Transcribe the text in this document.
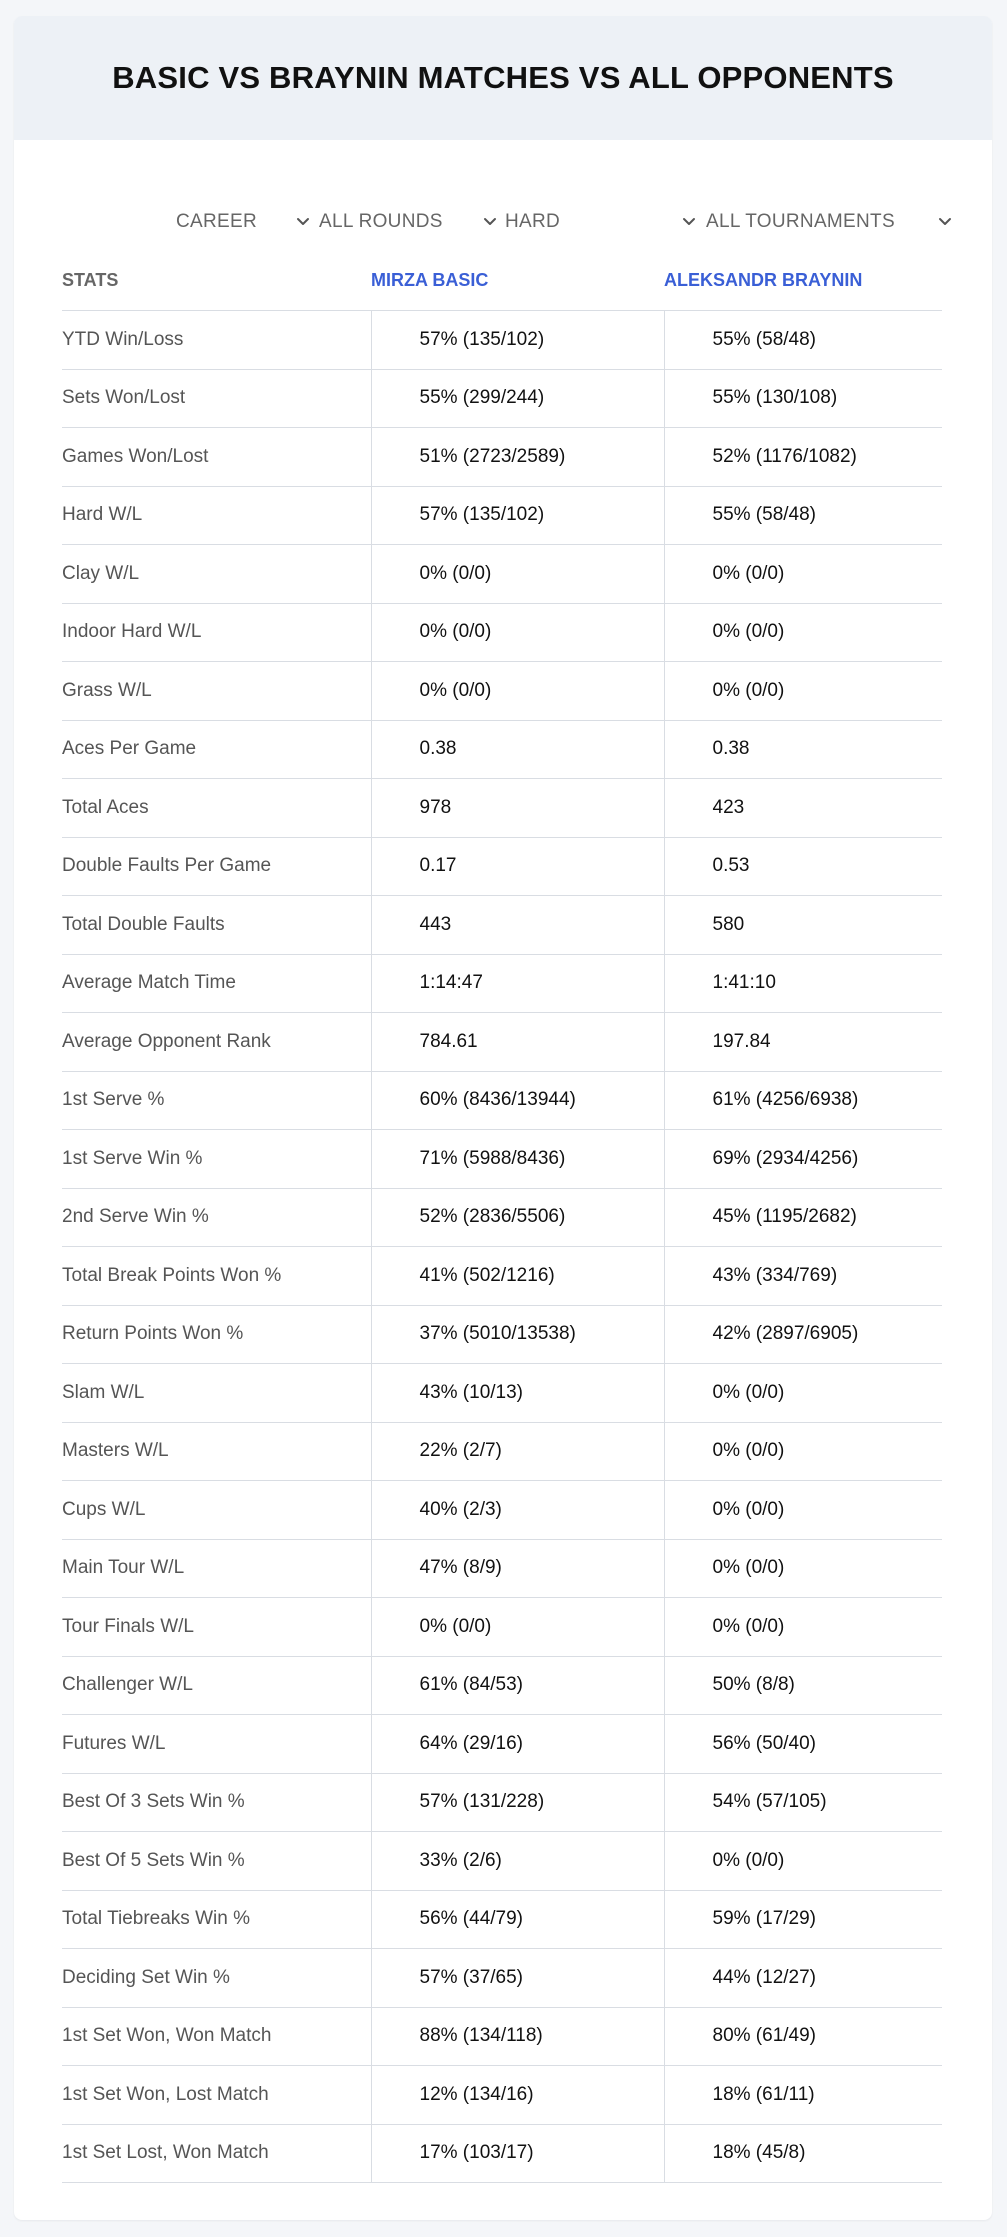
BASIC VS BRAYNIN MATCHES VS ALL OPPONENTS
CAREER	ALL ROUNDS	HARD	ALL TOURNAMENTS
STATS	MIRZA BASIC	ALEKSANDR BRAYNIN
YTD Win/Loss	57% (135/102)	55% (58/48)
Sets Won/Lost	55% (299/244)	55% (130/108)
Games Won/Lost	51% (2723/2589)	52% (1176/1082)
Hard W/L	57% (135/102)	55% (58/48)
Clay W/L	0% (0/0)	0% (0/0)
Indoor Hard W/L	0% (0/0)	0% (0/0)
Grass W/L	0% (0/0)	0% (0/0)
Aces Per Game	0.38	0.38
Total Aces	978	423
Double Faults Per Game	0.17	0.53
Total Double Faults	443	580
Average Match Time	1:14:47	1:41:10
Average Opponent Rank	784.61	197.84
1st Serve %	60% (8436/13944)	61% (4256/6938)
1st Serve Win %	71% (5988/8436)	69% (2934/4256)
2nd Serve Win %	52% (2836/5506)	45% (1195/2682)
Total Break Points Won %	41% (502/1216)	43% (334/769)
Return Points Won %	37% (5010/13538)	42% (2897/6905)
Slam W/L	43% (10/13)	0% (0/0)
Masters W/L	22% (2/7)	0% (0/0)
Cups W/L	40% (2/3)	0% (0/0)
Main Tour W/L	47% (8/9)	0% (0/0)
Tour Finals W/L	0% (0/0)	0% (0/0)
Challenger W/L	61% (84/53)	50% (8/8)
Futures W/L	64% (29/16)	56% (50/40)
Best Of 3 Sets Win %	57% (131/228)	54% (57/105)
Best Of 5 Sets Win %	33% (2/6)	0% (0/0)
Total Tiebreaks Win %	56% (44/79)	59% (17/29)
Deciding Set Win %	57% (37/65)	44% (12/27)
1st Set Won, Won Match	88% (134/118)	80% (61/49)
1st Set Won, Lost Match	12% (134/16)	18% (61/11)
1st Set Lost, Won Match	17% (103/17)	18% (45/8)
